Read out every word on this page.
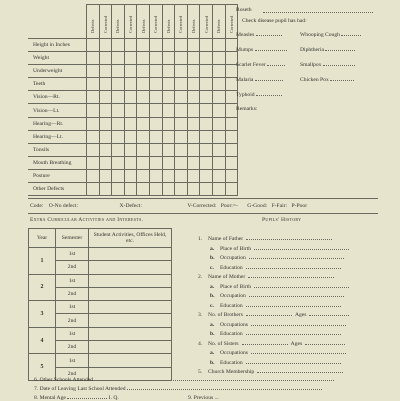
	Defects	Corrected	Defects	Corrected	Defects	Corrected	Defects	Corrected	Defects	Corrected	Defects	Corrected
Height in Inches												
Weight												
Underweight												
Teeth												
Vision—Rt.												
Vision—Lt.												
Hearing—Rt.												
Hearing—Lt.												
Tonsils												
Mouth Breathing												
Posture												
Other Defects												
Roseth
Check disease pupil has had:
Measles
Mumps
Scarlet Fever
Malaria
Typhoid
Whooping Cough
Diphtheria
Smallpox
Chicken Pox
Remarks:
Code: O-No defect:	X-Defect:	V-Corrected: Poor:=- G-Good: F-Fair: P-Poor
Extra Curricular Activities and Interests.
Year	Semester	Student Activities, Offices Held, etc.
1	1st	
	2nd	
2	1st	
	2nd	
3	1st	
	2nd	
4	1st	
	2nd	
5	1st	
	2nd	
Pupils' History
1. Name of Father
a. Place of Birth
b. Occupation
c. Education
2. Name of Mother
a. Place of Birth
b. Occupation
c. Education
3. No. of Brothers	Ages
a. Occupations
b. Education
4. No. of Sisters	Ages
a. Occupations
b. Education
5. Church Membership
6. Other Schools Attended
7. Date of Leaving Last School Attended
8. Mental Age	I. Q.	9. Previous ...
